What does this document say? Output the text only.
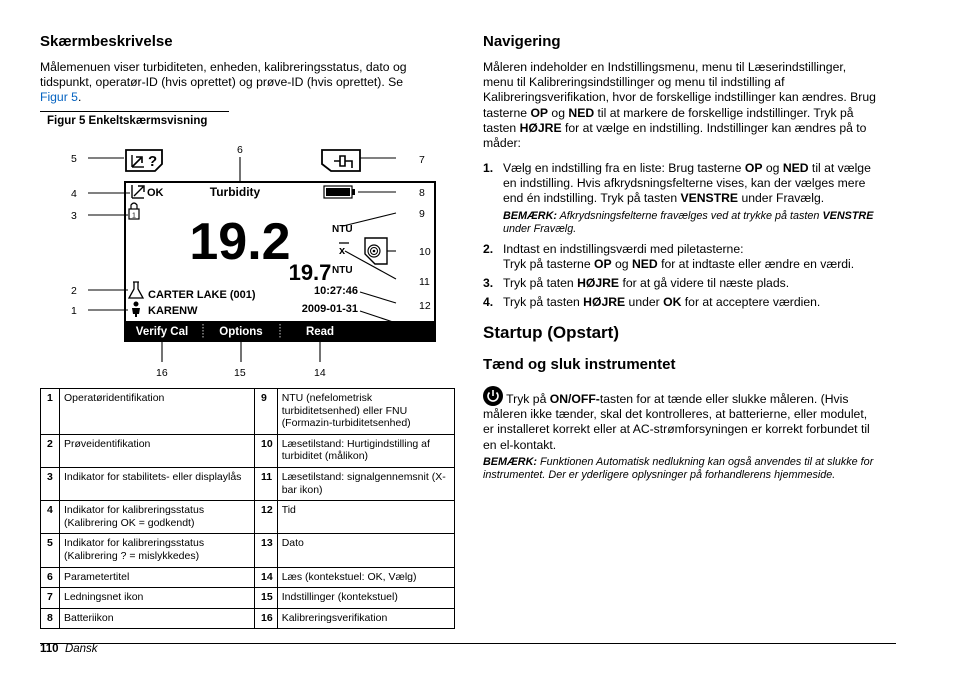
Skærmbeskrivelse
Målemenuen viser turbiditeten, enheden, kalibreringsstatus, dato og
tidspunkt, operatør-ID (hvis oprettet) og prøve-ID (hvis oprettet). Se
Figur 5.
Figur 5 Enkeltskærmsvisning
?
OK	Turbidity
1 19.2	NTU
x
19.7 NTU
CARTER LAKE (001)
KARENW
10:27:46
2009-01-31
Verify Cal	Options	Read
5
6
7
8
9
4
3
10
11
2
12
1
13
16	15	14
1	Operatøridentifikation	9	NTU (nefelometrisk turbiditetsenhed) eller FNU (Formazin-turbiditetsenhed)
2	Prøveidentifikation	10	Læsetilstand: Hurtigindstilling af turbiditet (målikon)
3	Indikator for stabilitets- eller displaylås	11	Læsetilstand: signalgennemsnit (X-bar ikon)
4	Indikator for kalibreringsstatus (Kalibrering OK = godkendt)	12	Tid
5	Indikator for kalibreringsstatus (Kalibrering ? = mislykkedes)	13	Dato
6	Parametertitel	14	Læs (kontekstuel: OK, Vælg)
7	Ledningsnet ikon	15	Indstillinger (kontekstuel)
8	Batteriikon	16	Kalibreringsverifikation
Navigering
Måleren indeholder en Indstillingsmenu, menu til Læserindstillinger,
menu til Kalibreringsindstillinger og menu til indstilling af
Kalibreringsverifikation, hvor de forskellige indstillinger kan ændres. Brug
tasterne OP og NED til at markere de forskellige indstillinger. Tryk på
tasten HØJRE for at vælge en indstilling. Indstillinger kan ændres på to
måder:
1. Vælg en indstilling fra en liste: Brug tasterne OP og NED til at vælge
en indstilling. Hvis afkrydsningsfelterne vises, kan der vælges mere
end én indstilling. Tryk på tasten VENSTRE under Fravælg.
BEMÆRK: Afkrydsningsfelterne fravælges ved at trykke på tasten VENSTRE
under Fravælg.
2. Indtast en indstillingsværdi med piletasterne:
Tryk på tasterne OP og NED for at indtaste eller ændre en værdi.
3. Tryk på taten HØJRE for at gå videre til næste plads.
4. Tryk på tasten HØJRE under OK for at acceptere værdien.
Startup (Opstart)
Tænd og sluk instrumentet
Tryk på ON/OFF-tasten for at tænde eller slukke måleren. (Hvis
måleren ikke tænder, skal det kontrolleres, at batterierne, eller modulet,
er installeret korrekt eller at AC-strømforsyningen er korrekt forbundet til
en el-kontakt.
BEMÆRK: Funktionen Automatisk nedlukning kan også anvendes til at slukke for
instrumentet. Der er yderligere oplysninger på forhandlerens hjemmeside.
110 Dansk
